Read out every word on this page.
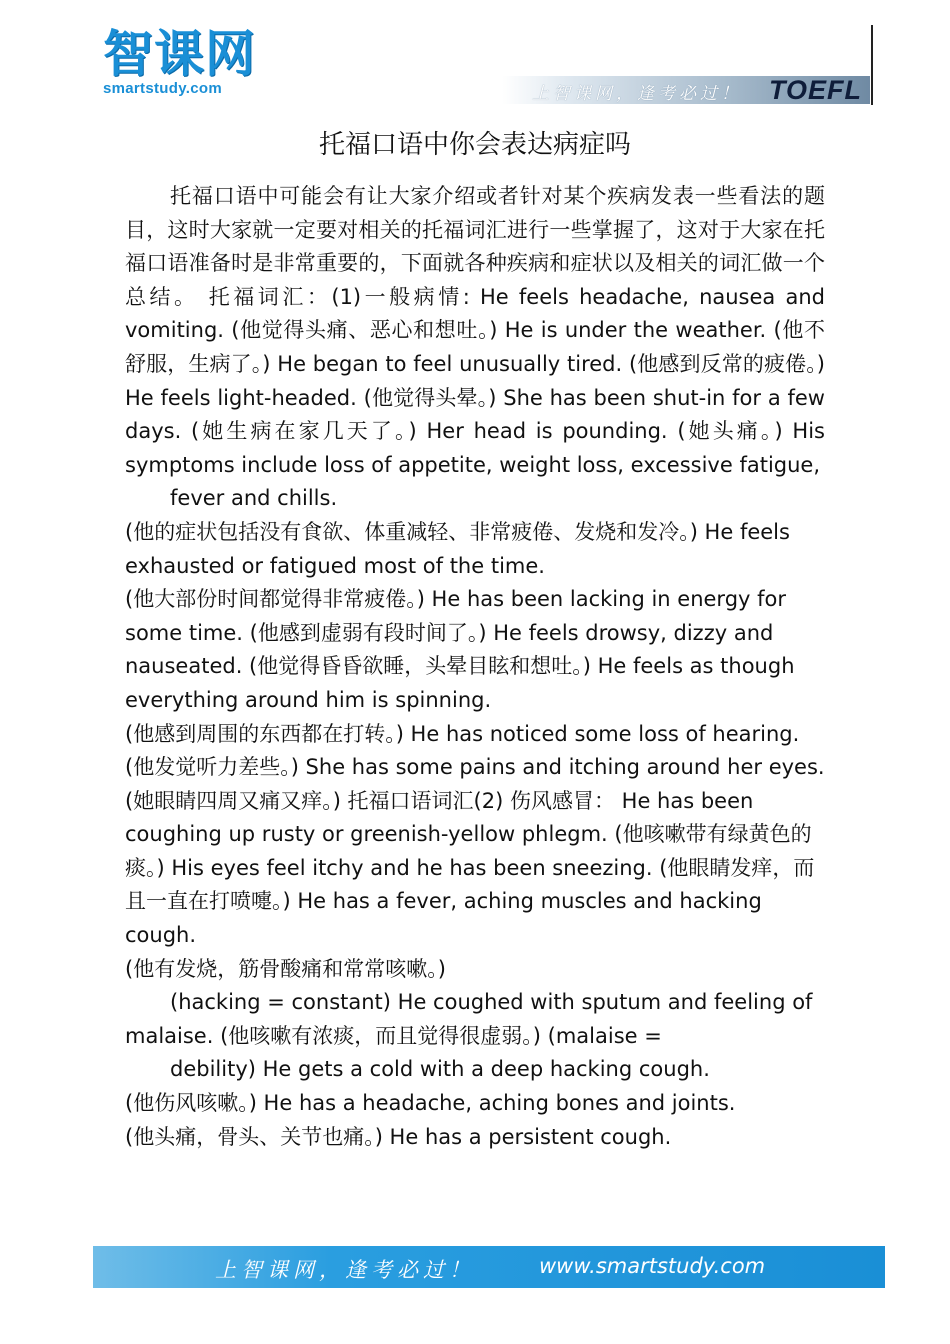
智课网
smartstudy.com	上智课网，逢考必过！ TOEFL
托福口语中你会表达病症吗

托福口语中可能会有让大家介绍或者针对某个疾病发表一些看法的题目，这时大家就一定要对相关的托福词汇进行一些掌握了，这对于大家在托福口语准备时是非常重要的，下面就各种疾病和症状以及相关的词汇做一个总结。 托福词汇：(1)一般病情: He feels headache, nausea and vomiting. (他觉得头痛、恶心和想吐。) He is under the weather. (他不舒服，生病了。) He began to feel unusually tired. (他感到反常的疲倦。) He feels light-headed. (他觉得头晕。) She has been shut-in for a few days. (她生病在家几天了。) Her head is pounding. (她头痛。) His symptoms include loss of appetite, weight loss, excessive fatigue,

fever and chills.

(他的症状包括没有食欲、体重减轻、非常疲倦、发烧和发冷。) He feels exhausted or fatigued most of the time.

(他大部份时间都觉得非常疲倦。) He has been lacking in energy for some time. (他感到虚弱有段时间了。) He feels drowsy, dizzy and nauseated. (他觉得昏昏欲睡，头晕目眩和想吐。) He feels as though everything around him is spinning.

(他感到周围的东西都在打转。) He has noticed some loss of hearing. (他发觉听力差些。) She has some pains and itching around her eyes. (她眼睛四周又痛又痒。) 托福口语词汇(2) 伤风感冒： He has been coughing up rusty or greenish-yellow phlegm. (他咳嗽带有绿黄色的痰。) His eyes feel itchy and he has been sneezing. (他眼睛发痒，而且一直在打喷嚏。) He has a fever, aching muscles and hacking cough.

(他有发烧，筋骨酸痛和常常咳嗽。)

(hacking = constant) He coughed with sputum and feeling of malaise. (他咳嗽有浓痰，而且觉得很虚弱。) (malaise =

debility) He gets a cold with a deep hacking cough.

(他伤风咳嗽。) He has a headache, aching bones and joints.

(他头痛，骨头、关节也痛。) He has a persistent cough.

上智课网，逢考必过！	www.smartstudy.com
